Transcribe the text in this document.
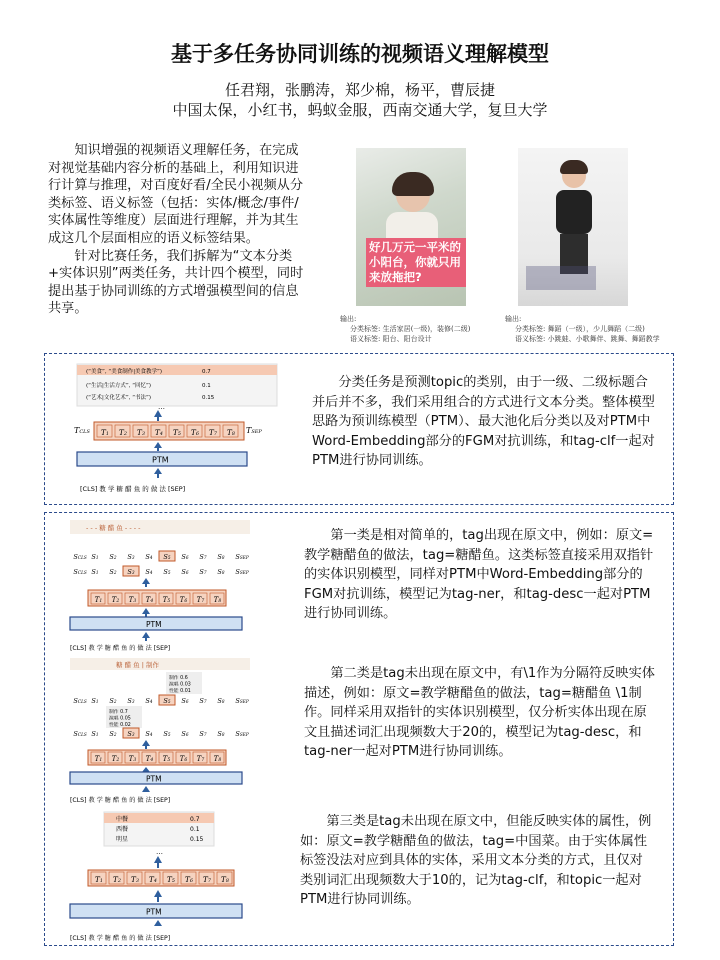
基于多任务协同训练的视频语义理解模型
任君翔，张鹏涛，郑少棉，杨平，曹辰捷
中国太保，小红书，蚂蚁金服，西南交通大学，复旦大学

知识增强的视频语义理解任务，在完成对视觉基础内容分析的基础上，利用知识进行计算与推理，对百度好看/全民小视频从分类标签、语义标签（包括：实体/概念/事件/实体属性等维度）层面进行理解，并为其生成这几个层面相应的语义标签结果。

针对比赛任务，我们拆解为“文本分类+实体识别”两类任务，共计四个模型，同时提出基于协同训练的方式增强模型间的信息共享。

好几万元一平米的小阳台，你就只用来放拖把?
输出:
分类标签: 生活家居(一级)，装修(二级)
语义标签: 阳台、阳台设计
输出:
分类标签: 舞蹈（一级），少儿舞蹈（二级)
语义标签: 小跳蛙、小歌舞伴、跳舞、舞蹈教学
(“美食”, “美食制作|美食教学”)	0.7
(“生活|生活方式”, “回忆”)	0.1
(“艺术|文化艺术”, “书法”)	0.15
…
TCLS T1 T2 T3 T4 T5 T6 T7 T8 TSEP
PTM
[CLS] 教 学 糖 醋 鱼 的 做 法 [SEP]

分类任务是预测topic的类别，由于一级、二级标题合并后并不多，我们采用组合的方式进行文本分类。整体模型思路为预训练模型（PTM）、最大池化后分类以及对PTM中Word-Embedding部分的FGM对抗训练，和tag-clf一起对PTM进行协同训练。

- - - 糖 醋 鱼 - - - -
SCLS S1 S2 S3 S4 S5 S6 S7 S8 SSEP
SCLS S1 S2 S3 S4 S5 S6 S7 S8 SSEP
T1 T2 T3 T4 T5 T6 T7 T8
PTM
[CLS] 教 学 糖 醋 鱼 的 做 法 [SEP]
糖 醋 鱼 | 制作
制作 0.6
演唱 0.03
性能 0.01
SCLS S1 S2 S3 S4 S5 S6 S7 S8 SSEP
制作 0.7
演唱 0.05
性能 0.02
SCLS S1 S2 S3 S4 S5 S6 S7 S8 SSEP
T1 T2 T3 T4 T5 T6 T7 T8
PTM
[CLS] 教 学 糖 醋 鱼 的 做 法 [SEP]
中餐	0.7
西餐	0.1
明星	0.15
…
T1 T2 T3 T4 T5 T6 T7 T8
PTM
[CLS] 教 学 糖 醋 鱼 的 做 法 [SEP]

第一类是相对简单的，tag出现在原文中，例如：原文=教学糖醋鱼的做法，tag=糖醋鱼。这类标签直接采用双指针的实体识别模型，同样对PTM中Word-Embedding部分的FGM对抗训练，模型记为tag-ner，和tag-desc一起对PTM进行协同训练。

第二类是tag未出现在原文中，有\1作为分隔符反映实体描述，例如：原文=教学糖醋鱼的做法，tag=糖醋鱼 \1制作。同样采用双指针的实体识别模型，仅分析实体出现在原文且描述词汇出现频数大于20的，模型记为tag-desc，和tag-ner一起对PTM进行协同训练。

第三类是tag未出现在原文中，但能反映实体的属性，例如：原文=教学糖醋鱼的做法，tag=中国菜。由于实体属性标签没法对应到具体的实体，采用文本分类的方式，且仅对类别词汇出现频数大于10的，记为tag-clf，和topic一起对PTM进行协同训练。
